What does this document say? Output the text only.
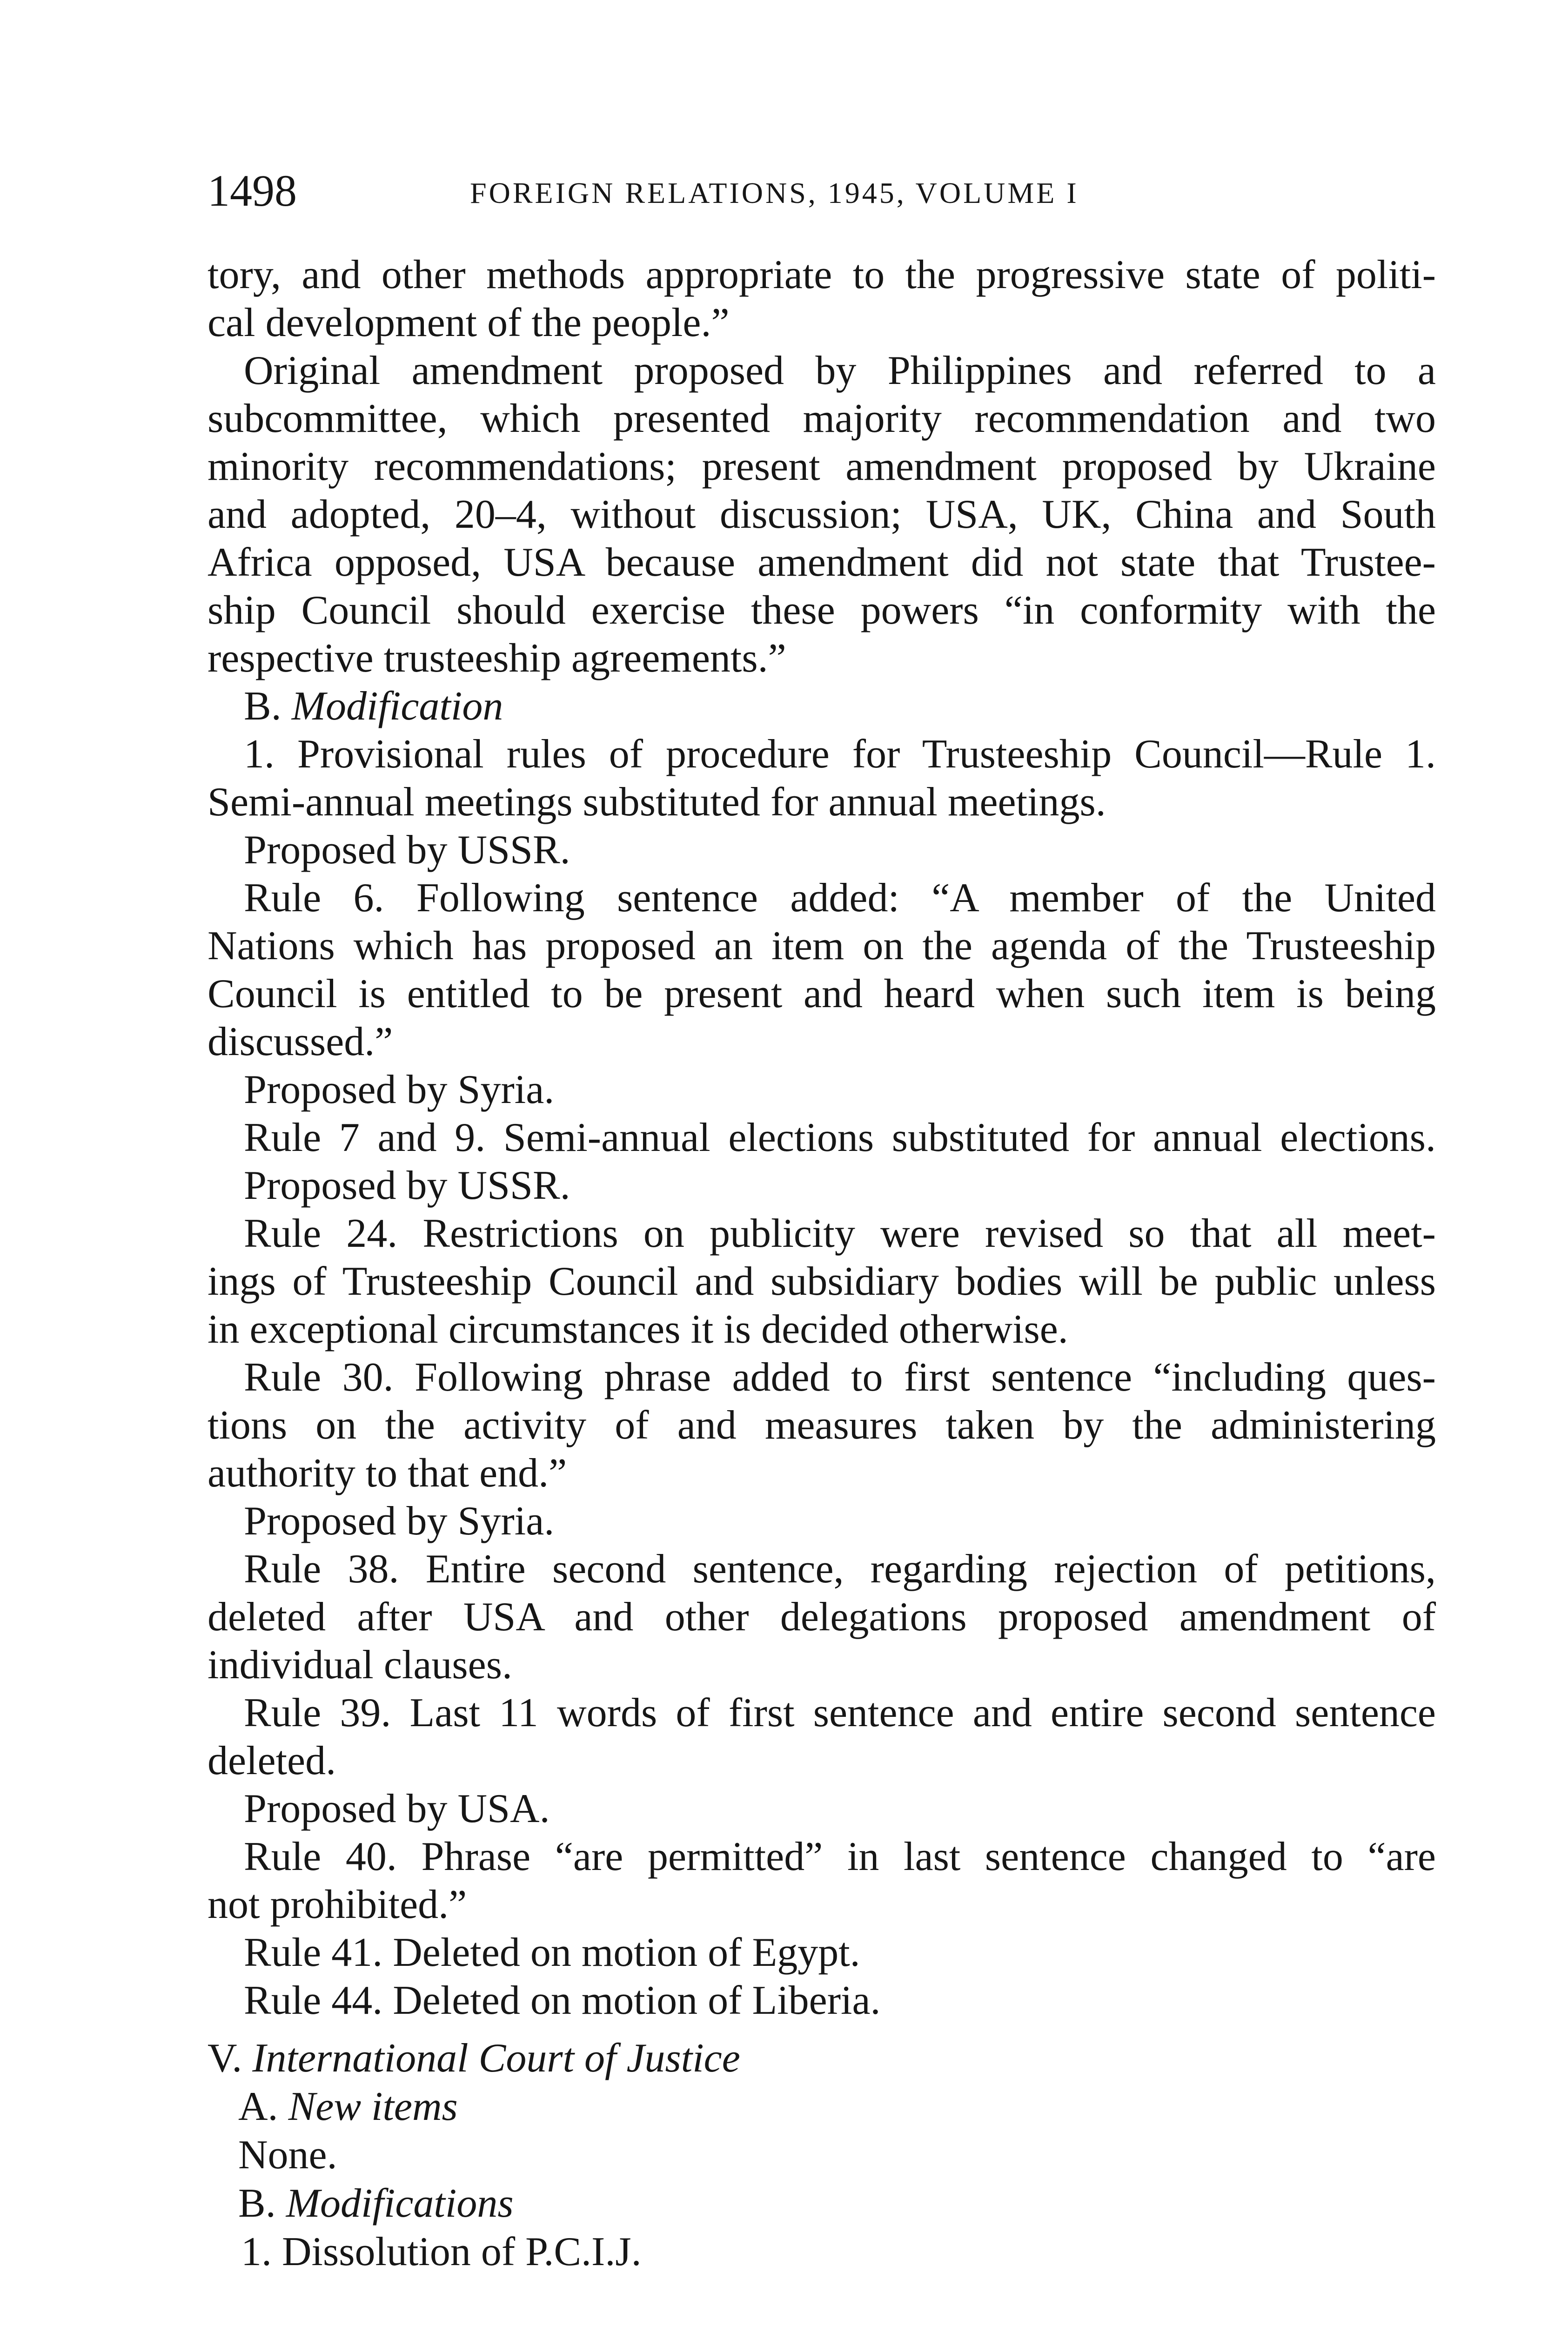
1498	FOREIGN RELATIONS, 1945, VOLUME I
tory, and other methods appropriate to the progressive state of politi-
cal development of the people.”
Original amendment proposed by Philippines and referred to a
subcommittee, which presented majority recommendation and two
minority recommendations; present amendment proposed by Ukraine
and adopted, 20–4, without discussion; USA, UK, China and South
Africa opposed, USA because amendment did not state that Trustee-
ship Council should exercise these powers “in conformity with the
respective trusteeship agreements.”
B. Modification
1. Provisional rules of procedure for Trusteeship Council—Rule 1.
Semi-annual meetings substituted for annual meetings.
Proposed by USSR.
Rule 6. Following sentence added: “A member of the United
Nations which has proposed an item on the agenda of the Trusteeship
Council is entitled to be present and heard when such item is being
discussed.”
Proposed by Syria.
Rule 7 and 9. Semi-annual elections substituted for annual elections.
Proposed by USSR.
Rule 24. Restrictions on publicity were revised so that all meet-
ings of Trusteeship Council and subsidiary bodies will be public unless
in exceptional circumstances it is decided otherwise.
Rule 30. Following phrase added to first sentence “including ques-
tions on the activity of and measures taken by the administering
authority to that end.”
Proposed by Syria.
Rule 38. Entire second sentence, regarding rejection of petitions,
deleted after USA and other delegations proposed amendment of
individual clauses.
Rule 39. Last 11 words of first sentence and entire second sentence
deleted.
Proposed by USA.
Rule 40. Phrase “are permitted” in last sentence changed to “are
not prohibited.”
Rule 41. Deleted on motion of Egypt.
Rule 44. Deleted on motion of Liberia.
V. International Court of Justice
A. New items
None.
B. Modifications
1. Dissolution of P.C.I.J.
